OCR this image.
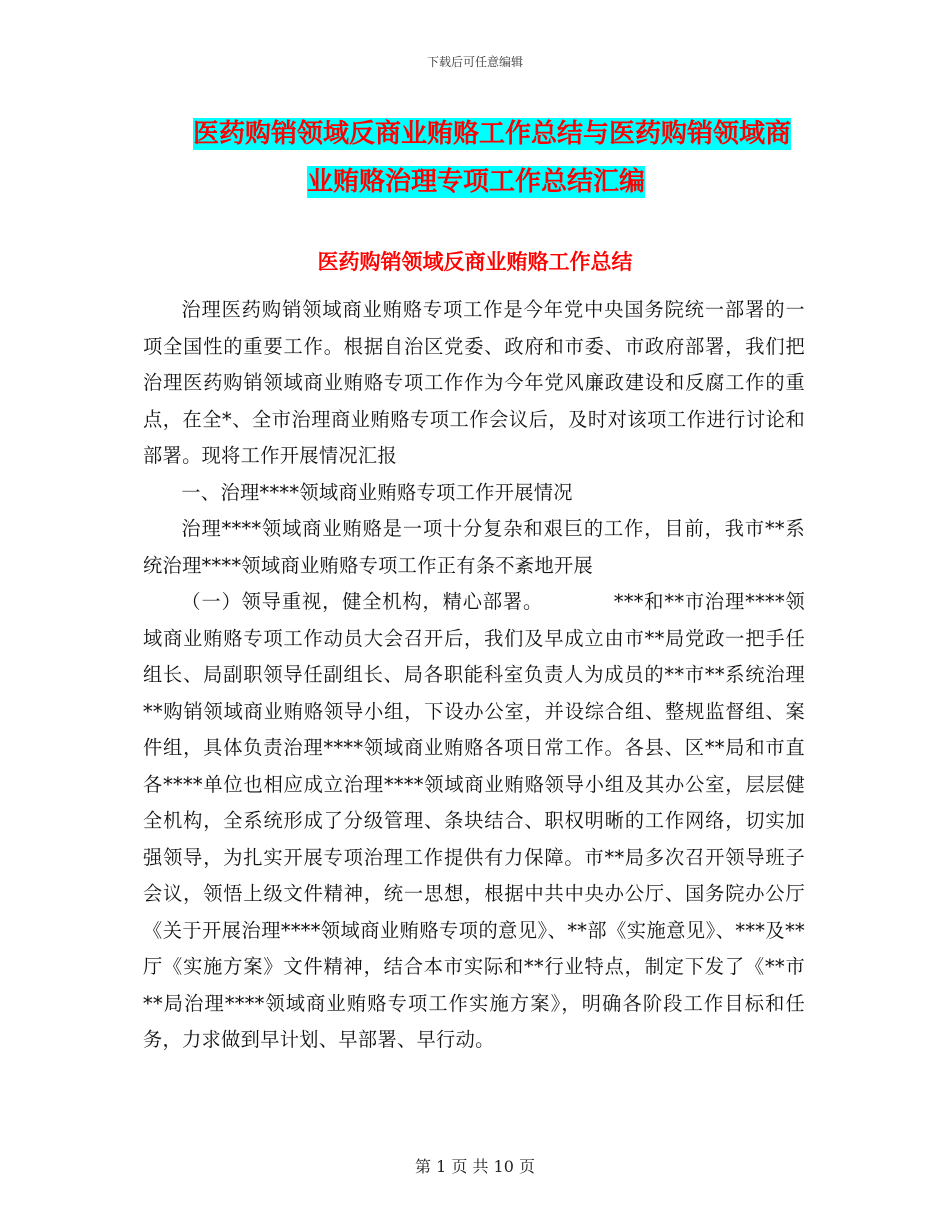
下载后可任意编辑
医药购销领域反商业贿赂工作总结与医药购销领域商
业贿赂治理专项工作总结汇编
医药购销领域反商业贿赂工作总结

治理医药购销领域商业贿赂专项工作是今年党中央国务院统一部署的一项全国性的重要工作。根据自治区党委、政府和市委、市政府部署，我们把治理医药购销领域商业贿赂专项工作作为今年党风廉政建设和反腐工作的重点，在全*、全市治理商业贿赂专项工作会议后，及时对该项工作进行讨论和部署。现将工作开展情况汇报

一、治理****领域商业贿赂专项工作开展情况

治理****领域商业贿赂是一项十分复杂和艰巨的工作，目前，我市**系统治理****领域商业贿赂专项工作正有条不紊地开展

（一）领导重视，健全机构，精心部署。　　　　***和**市治理****领域商业贿赂专项工作动员大会召开后，我们及早成立由市**局党政一把手任组长、局副职领导任副组长、局各职能科室负责人为成员的**市**系统治理**购销领域商业贿赂领导小组，下设办公室，并设综合组、整规监督组、案件组，具体负责治理****领域商业贿赂各项日常工作。各县、区**局和市直各****单位也相应成立治理****领域商业贿赂领导小组及其办公室，层层健全机构，全系统形成了分级管理、条块结合、职权明晰的工作网络，切实加强领导，为扎实开展专项治理工作提供有力保障。市**局多次召开领导班子会议，领悟上级文件精神，统一思想，根据中共中央办公厅、国务院办公厅《关于开展治理****领域商业贿赂专项的意见》、**部《实施意见》、***及**厅《实施方案》文件精神，结合本市实际和**行业特点，制定下发了《**市**局治理****领域商业贿赂专项工作实施方案》，明确各阶段工作目标和任务，力求做到早计划、早部署、早行动。

第 1 页 共 10 页
